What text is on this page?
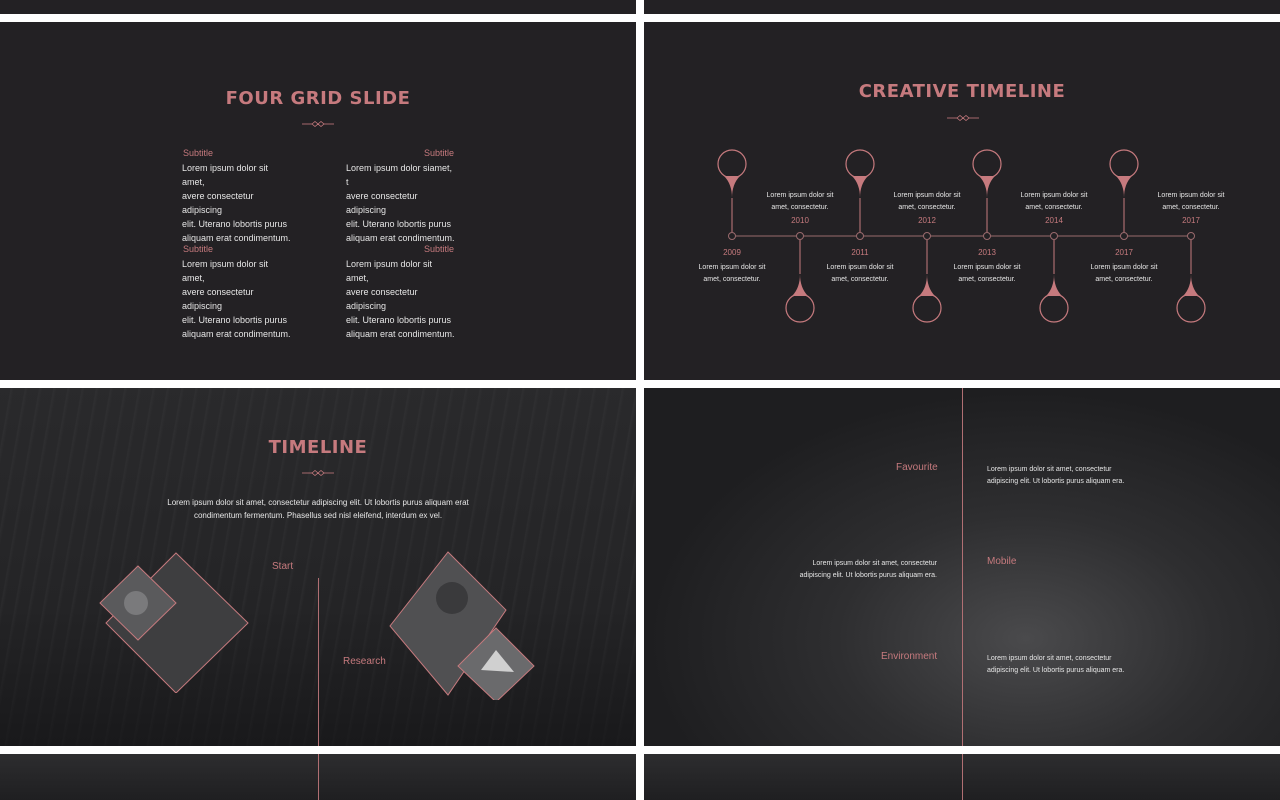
FOUR GRID SLIDE
Subtitle
Lorem ipsum dolor sit amet,
avere consectetur adipiscing
elit. Uterano lobortis purus
aliquam erat condimentum.
Subtitle
Lorem ipsum dolor siamet, t
avere consectetur adipiscing
elit. Uterano lobortis purus
aliquam erat condimentum.
Subtitle
Lorem ipsum dolor sit amet,
avere consectetur adipiscing
elit. Uterano lobortis purus
aliquam erat condimentum.
Subtitle
Lorem ipsum dolor sit amet,
avere consectetur adipiscing
elit. Uterano lobortis purus
aliquam erat condimentum.
CREATIVE TIMELINE
2009
Lorem ipsum dolor sit
amet, consectetur.
2011
Lorem ipsum dolor sit
amet, consectetur.
2013
Lorem ipsum dolor sit
amet, consectetur.
2017
Lorem ipsum dolor sit
amet, consectetur.
Lorem ipsum dolor sit
amet, consectetur.
2010
Lorem ipsum dolor sit
amet, consectetur.
2012
Lorem ipsum dolor sit
amet, consectetur.
2014
Lorem ipsum dolor sit
amet, consectetur.
2017
TIMELINE
Lorem ipsum dolor sit amet, consectetur adipiscing elit. Ut lobortis purus aliquam erat
condimentum fermentum. Phasellus sed nisl eleifend, interdum ex vel.
Start
Research
Favourite	Lorem ipsum dolor sit amet, consectetur
adipiscing elit. Ut lobortis purus aliquam era.
Lorem ipsum dolor sit amet, consectetur
adipiscing elit. Ut lobortis purus aliquam era.
Mobile
Environment	Lorem ipsum dolor sit amet, consectetur
adipiscing elit. Ut lobortis purus aliquam era.
